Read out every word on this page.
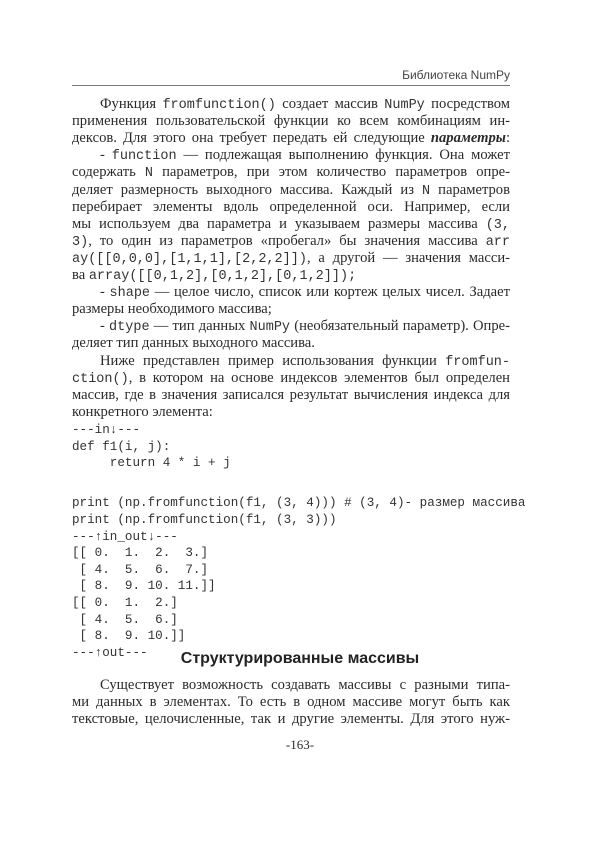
Библиотека NumPy
Функция fromfunction() создает массив NumPy посредством
применения пользовательской функции ко всем комбинациям ин-
дексов. Для этого она требует передать ей следующие параметры:
- function — подлежащая выполнению функция. Она может
содержать N параметров, при этом количество параметров опре-
деляет размерность выходного массива. Каждый из N параметров
перебирает элементы вдоль определенной оси. Например, если
мы используем два параметра и указываем размеры массива (3,
3), то один из параметров «пробегал» бы значения массива arr
ay([[0,0,0],[1,1,1],[2,2,2]]), а другой — значения масси-
ва array([[0,1,2],[0,1,2],[0,1,2]]);
- shape — целое число, список или кортеж целых чисел. Задает
размеры необходимого массива;
- dtype — тип данных NumPy (необязательный параметр). Опре-
деляет тип данных выходного массива.
Ниже представлен пример использования функции fromfun-
ction(), в котором на основе индексов элементов был определен
массив, где в значения записался результат вычисления индекса для
конкретного элемента:
---in↓---
def f1(i, j):
return 4 * i + j
print (np.fromfunction(f1, (3, 4))) # (3, 4)- размер массива
print (np.fromfunction(f1, (3, 3)))
---↑in_out↓---
[[ 0.  1.  2.  3.]
[ 4.  5.  6.  7.]
[ 8.  9. 10. 11.]]
[[ 0.  1.  2.]
[ 4.  5.  6.]
[ 8.  9. 10.]]
---↑out---	Структурированные массивы
Существует возможность создавать массивы с разными типа-
ми данных в элементах. То есть в одном массиве могут быть как
текстовые, целочисленные, так и другие элементы. Для этого нуж-
-163-
